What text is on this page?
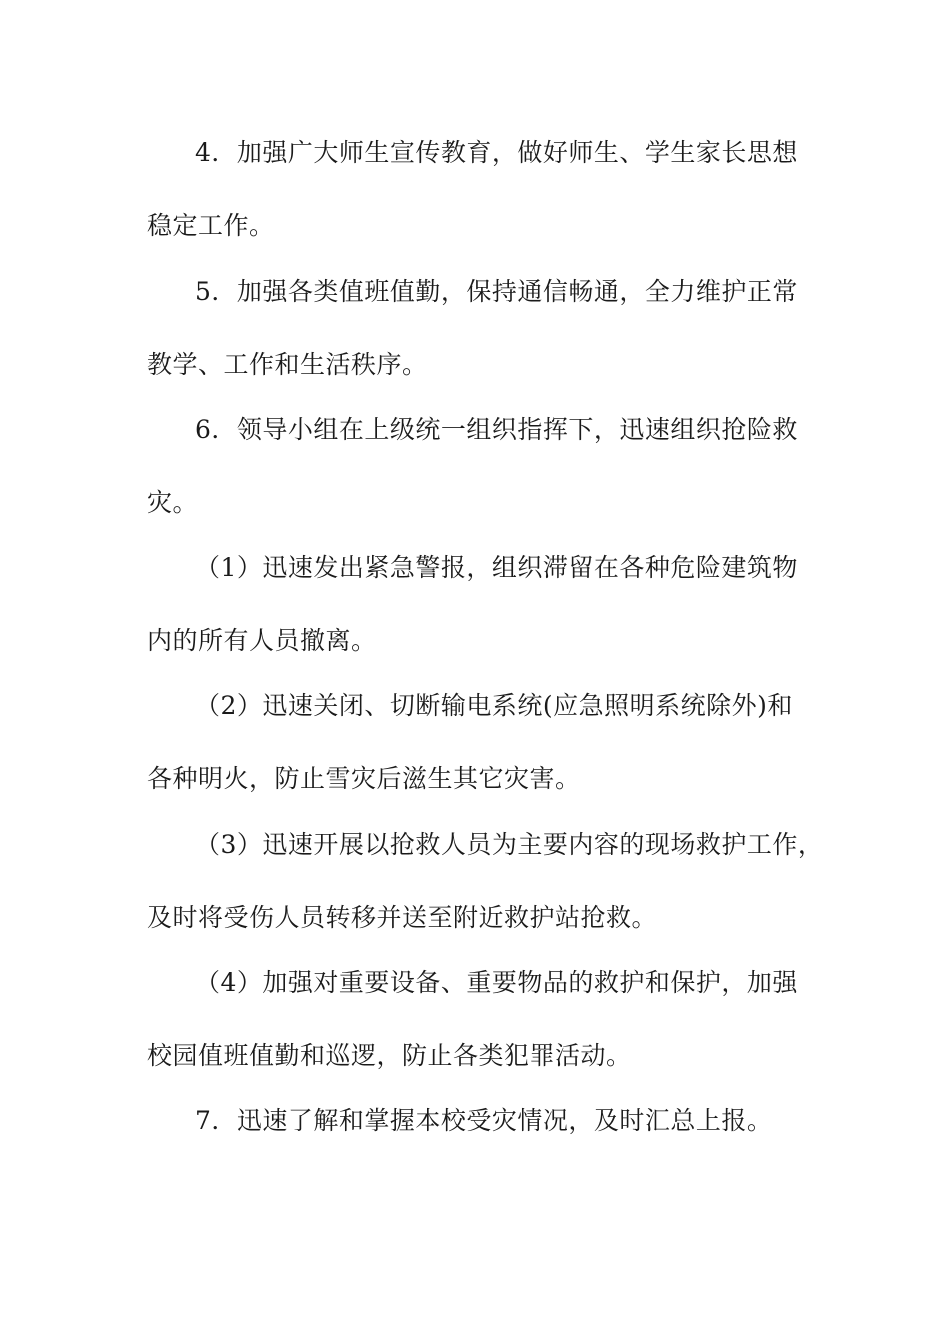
4．加强广大师生宣传教育，做好师生、学生家长思想
稳定工作。
5．加强各类值班值勤，保持通信畅通，全力维护正常
教学、工作和生活秩序。
6．领导小组在上级统一组织指挥下，迅速组织抢险救
灾。
（1）迅速发出紧急警报，组织滞留在各种危险建筑物
内的所有人员撤离。
（2）迅速关闭、切断输电系统(应急照明系统除外)和
各种明火，防止雪灾后滋生其它灾害。
（3）迅速开展以抢救人员为主要内容的现场救护工作，
及时将受伤人员转移并送至附近救护站抢救。
（4）加强对重要设备、重要物品的救护和保护，加强
校园值班值勤和巡逻，防止各类犯罪活动。
7．迅速了解和掌握本校受灾情况，及时汇总上报。
